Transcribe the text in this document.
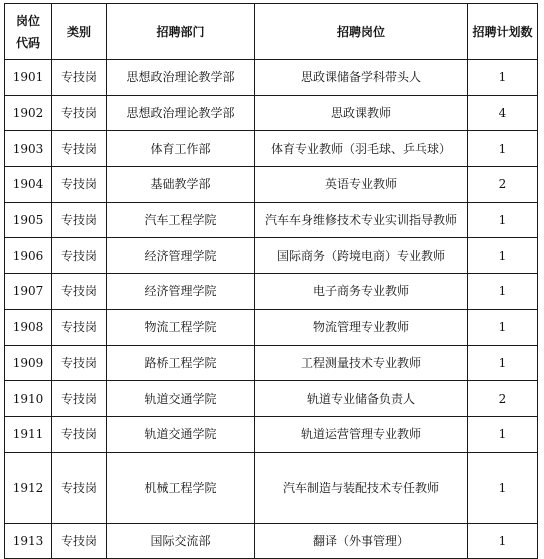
岗位
代码	类别	招聘部门	招聘岗位	招聘计划数
1901	专技岗	思想政治理论教学部	思政课储备学科带头人	1
1902	专技岗	思想政治理论教学部	思政课教师	4
1903	专技岗	体育工作部	体育专业教师（羽毛球、乒乓球）	1
1904	专技岗	基础教学部	英语专业教师	2
1905	专技岗	汽车工程学院	汽车车身维修技术专业实训指导教师	1
1906	专技岗	经济管理学院	国际商务（跨境电商）专业教师	1
1907	专技岗	经济管理学院	电子商务专业教师	1
1908	专技岗	物流工程学院	物流管理专业教师	1
1909	专技岗	路桥工程学院	工程测量技术专业教师	1
1910	专技岗	轨道交通学院	轨道专业储备负责人	2
1911	专技岗	轨道交通学院	轨道运营管理专业教师	1
1912	专技岗	机械工程学院	汽车制造与装配技术专任教师	1
1913	专技岗	国际交流部	翻译（外事管理）	1
